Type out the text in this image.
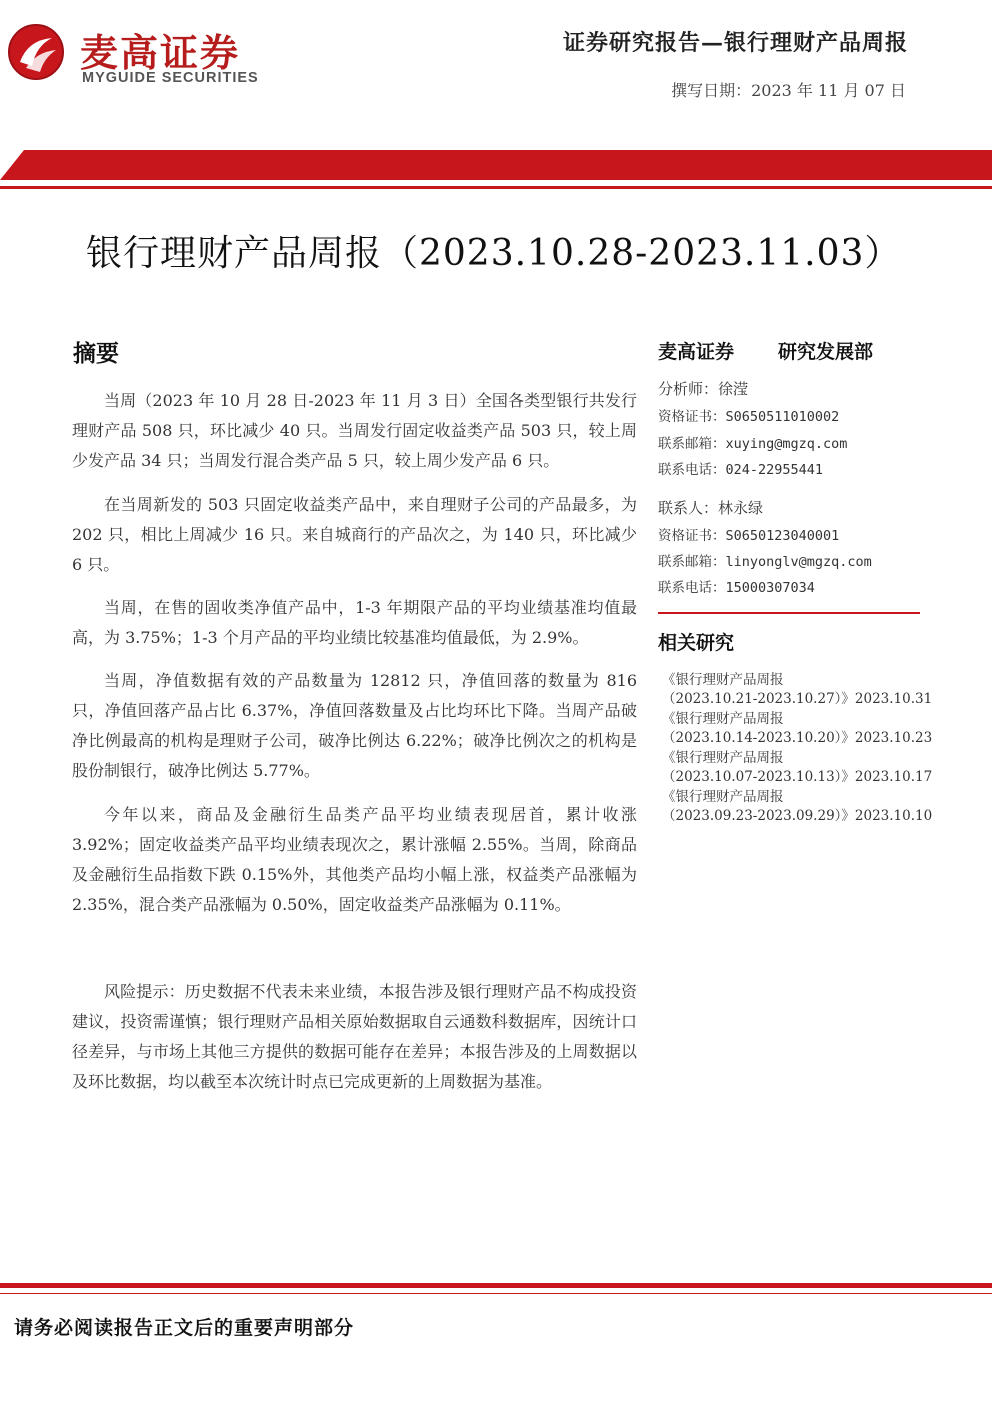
麦高证券
MYGUIDE SECURITIES
证券研究报告—银行理财产品周报
撰写日期：2023 年 11 月 07 日
银行理财产品周报（2023.10.28-2023.11.03）
摘要

当周（2023 年 10 月 28 日-2023 年 11 月 3 日）全国各类型银行共发行理财产品 508 只，环比减少 40 只。当周发行固定收益类产品 503 只，较上周少发产品 34 只；当周发行混合类产品 5 只，较上周少发产品 6 只。

在当周新发的 503 只固定收益类产品中，来自理财子公司的产品最多，为 202 只，相比上周减少 16 只。来自城商行的产品次之，为 140 只，环比减少 6 只。

当周，在售的固收类净值产品中，1-3 年期限产品的平均业绩基准均值最高，为 3.75%；1-3 个月产品的平均业绩比较基准均值最低，为 2.9%。

当周，净值数据有效的产品数量为 12812 只，净值回落的数量为 816 只，净值回落产品占比 6.37%，净值回落数量及占比均环比下降。当周产品破净比例最高的机构是理财子公司，破净比例达 6.22%；破净比例次之的机构是股份制银行，破净比例达 5.77%。

今年以来，商品及金融衍生品类产品平均业绩表现居首，累计收涨 3.92%；固定收益类产品平均业绩表现次之，累计涨幅 2.55%。当周，除商品及金融衍生品指数下跌 0.15%外，其他类产品均小幅上涨，权益类产品涨幅为 2.35%，混合类产品涨幅为 0.50%，固定收益类产品涨幅为 0.11%。

风险提示：历史数据不代表未来业绩，本报告涉及银行理财产品不构成投资建议，投资需谨慎；银行理财产品相关原始数据取自云通数科数据库，因统计口径差异，与市场上其他三方提供的数据可能存在差异；本报告涉及的上周数据以及环比数据，均以截至本次统计时点已完成更新的上周数据为基准。

麦高证券 研究发展部
分析师：徐滢
资格证书：S0650511010002
联系邮箱：xuying@mgzq.com
联系电话：024-22955441
联系人：林永绿
资格证书：S0650123040001
联系邮箱：linyonglv@mgzq.com
联系电话：15000307034
相关研究
《银行理财产品周报
（2023.10.21-2023.10.27）》2023.10.31
《银行理财产品周报
（2023.10.14-2023.10.20）》2023.10.23
《银行理财产品周报
（2023.10.07-2023.10.13）》2023.10.17
《银行理财产品周报
（2023.09.23-2023.09.29）》2023.10.10
请务必阅读报告正文后的重要声明部分
